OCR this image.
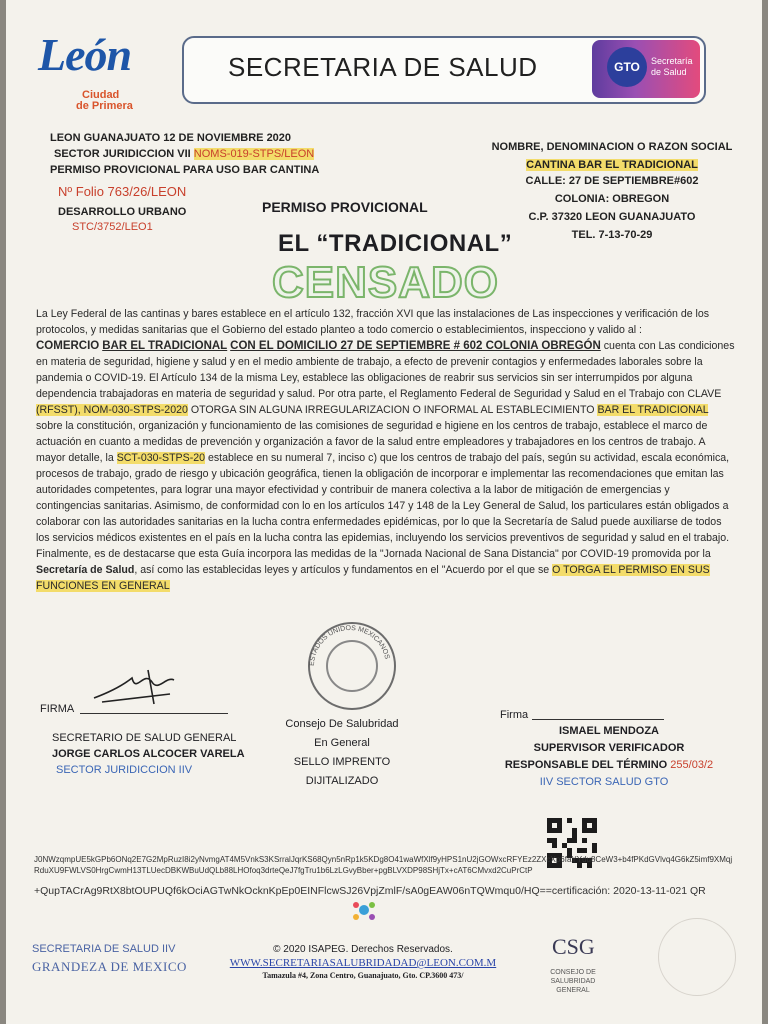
León
Ciudad
de Primera
SECRETARIA DE SALUD	GTO	Secretaría de Salud
LEON GUANAJUATO 12 DE NOVIEMBRE 2020
SECTOR JURIDICCION VII NOMS-019-STPS/LEON
PERMISO PROVICIONAL PARA USO BAR CANTINA
Nº Folio 763/26/LEON
DESARROLLO URBANO
STC/3752/LEO1
NOMBRE, DENOMINACION O RAZON SOCIAL
CANTINA BAR EL TRADICIONAL
CALLE: 27 DE SEPTIEMBRE#602
COLONIA: OBREGON
C.P. 37320 LEON GUANAJUATO
TEL. 7-13-70-29
PERMISO PROVICIONAL
EL “TRADICIONAL”
CENSADO
La Ley Federal de las cantinas y bares establece en el artículo 132, fracción XVI que las instalaciones de Las inspecciones y verificación de los protocolos, y medidas sanitarias que el Gobierno del estado planteo a todo comercio o establecimientos, inspecciono y valido al :
COMERCIO BAR EL TRADICIONAL CON EL DOMICILIO 27 DE SEPTIEMBRE # 602 COLONIA OBREGÓN cuenta con Las condiciones en materia de seguridad, higiene y salud y en el medio ambiente de trabajo, a efecto de prevenir contagios y enfermedades laborales sobre la pandemia o COVID-19. El Artículo 134 de la misma Ley, establece las obligaciones de reabrir sus servicios sin ser interrumpidos por alguna dependencia trabajadoras en materia de seguridad y salud. Por otra parte, el Reglamento Federal de Seguridad y Salud en el Trabajo con CLAVE (RFSST), NOM-030-STPS-2020 OTORGA SIN ALGUNA IRREGULARIZACION O INFORMAL AL ESTABLECIMIENTO BAR EL TRADICIONAL sobre la constitución, organización y funcionamiento de las comisiones de seguridad e higiene en los centros de trabajo, establece el marco de actuación en cuanto a medidas de prevención y organización a favor de la salud entre empleadores y trabajadores en los centros de trabajo. A mayor detalle, la SCT-030-STPS-20 establece en su numeral 7, inciso c) que los centros de trabajo del país, según su actividad, escala económica, procesos de trabajo, grado de riesgo y ubicación geográfica, tienen la obligación de incorporar e implementar las recomendaciones que emitan las autoridades competentes, para lograr una mayor efectividad y contribuir de manera colectiva a la labor de mitigación de emergencias y contingencias sanitarias. Asimismo, de conformidad con lo en los artículos 147 y 148 de la Ley General de Salud, los particulares están obligados a colaborar con las autoridades sanitarias en la lucha contra enfermedades epidémicas, por lo que la Secretaría de Salud puede auxiliarse de todos los servicios médicos existentes en el país en la lucha contra las epidemias, incluyendo los servicios preventivos de seguridad y salud en el trabajo. Finalmente, es de destacarse que esta Guía incorpora las medidas de la "Jornada Nacional de Sana Distancia" por COVID-19 promovida por la Secretaría de Salud, así como las establecidas leyes y artículos y fundamentos en el "Acuerdo por el que se O TORGA EL PERMISO EN SUS FUNCIONES EN GENERAL
ESTADOS UNIDOS MEXICANOS
FIRMA
SECRETARIO DE SALUD GENERAL
JORGE CARLOS ALCOCER VARELA
SECTOR JURIDICCION IIV
Consejo De Salubridad
En General
SELLO IMPRENTO DIJITALIZADO
Firma
ISMAEL MENDOZA
SUPERVISOR VERIFICADOR
RESPONSABLE DEL TÉRMINO 255/03/2
IIV SECTOR SALUD GTO
J0NWzqmpUE5kGPb6ONq2E7G2MpRuzI8i2yNvmgAT4M5VnkS3KSrralJqrKS68Qyn5nRp1k5KDg8O41waWfXlf9yHPS1nU2jGOWxcRFYEz2ZXcXp6faYYdu8CeW3+b4fPKdGVlvq4G6kZ5imf9XMqjRduXU9FWLVS0HrgCwmH13TLUecDBKWBuUdQLb88LHOfoq3drteQeJ7fgTru1b6LzLGvyBber+pgBLVXDP98SHjTx+cAT6CMvxd2CuPrCtP
+QupTACrAg9RtX8btOUPUQf6kOciAGTwNkOcknKpEp0EINFlcwSJ26VpjZmlF/sA0gEAW06nTQWmqu0/HQ==certificación: 2020-13-11-021 QR
SECRETARIA DE SALUD IIV
GRANDEZA DE MEXICO
© 2020 ISAPEG. Derechos Reservados.
WWW.SECRETARIASALUBRIDADAD@LEON.COM.M
Tamazula #4, Zona Centro, Guanajuato, Gto. CP.3600 473/
CSG
CONSEJO DE SALUBRIDAD GENERAL
